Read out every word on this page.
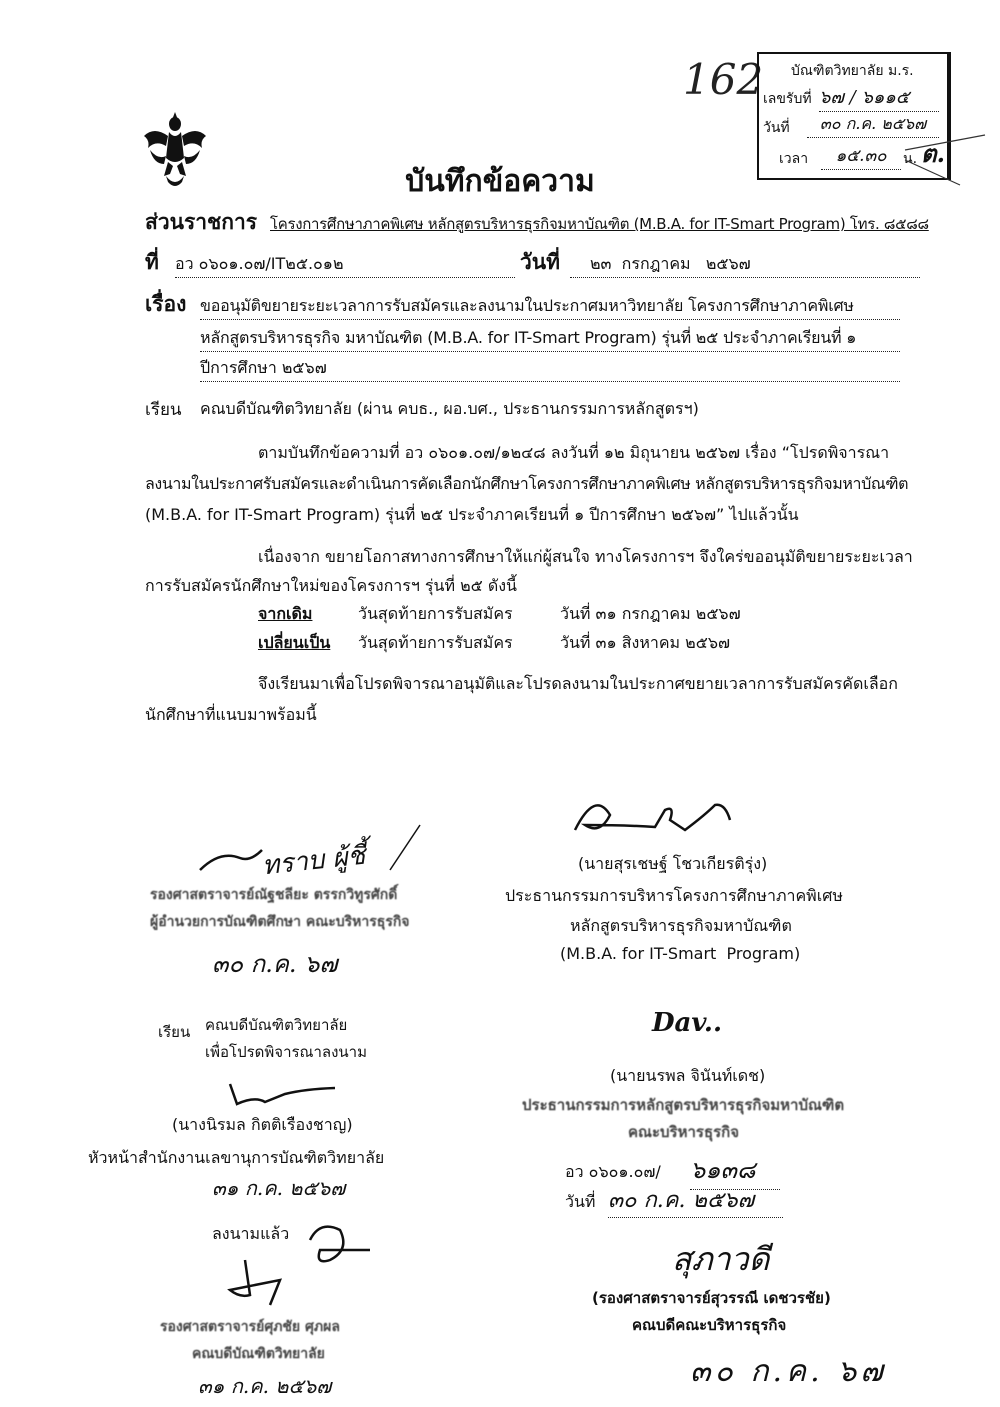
162 บัณฑิตวิทยาลัย ม.ร.
เลขรับที่ ๖๗ / ๖๑๑๕
วันที่	๓๐ ก.ค. ๒๕๖๗
เวลา	๑๕.๓๐	น. ต.
บันทึกข้อความ
ส่วนราชการ โครงการศึกษาภาคพิเศษ หลักสูตรบริหารธุรกิจมหาบัณฑิต (M.B.A. for IT-Smart Program) โทร. ๘๕๘๘
ที่ อว ๐๖๐๑.๐๗/IT๒๕.๐๑๒	วันที่	๒๓  กรกฎาคม   ๒๕๖๗
เรื่อง ขออนุมัติขยายระยะเวลาการรับสมัครและลงนามในประกาศมหาวิทยาลัย โครงการศึกษาภาคพิเศษ
หลักสูตรบริหารธุรกิจ มหาบัณฑิต (M.B.A. for IT-Smart Program) รุ่นที่ ๒๕ ประจำภาคเรียนที่ ๑
ปีการศึกษา ๒๕๖๗
เรียน คณบดีบัณฑิตวิทยาลัย (ผ่าน คบธ., ผอ.บศ., ประธานกรรมการหลักสูตรฯ)
ตามบันทึกข้อความที่ อว ๐๖๐๑.๐๗/๑๒๔๘ ลงวันที่ ๑๒ มิถุนายน ๒๕๖๗ เรื่อง “โปรดพิจารณา
ลงนามในประกาศรับสมัครและดำเนินการคัดเลือกนักศึกษาโครงการศึกษาภาคพิเศษ หลักสูตรบริหารธุรกิจมหาบัณฑิต
(M.B.A. for IT-Smart Program) รุ่นที่ ๒๕ ประจำภาคเรียนที่ ๑ ปีการศึกษา ๒๕๖๗” ไปแล้วนั้น
เนื่องจาก ขยายโอกาสทางการศึกษาให้แก่ผู้สนใจ ทางโครงการฯ จึงใคร่ขออนุมัติขยายระยะเวลา
การรับสมัครนักศึกษาใหม่ของโครงการฯ รุ่นที่ ๒๕ ดังนี้
จากเดิม	วันสุดท้ายการรับสมัคร	วันที่ ๓๑ กรกฎาคม ๒๕๖๗
เปลี่ยนเป็น วันสุดท้ายการรับสมัคร	วันที่ ๓๑ สิงหาคม ๒๕๖๗
จึงเรียนมาเพื่อโปรดพิจารณาอนุมัติและโปรดลงนามในประกาศขยายเวลาการรับสมัครคัดเลือก
นักศึกษาที่แนบมาพร้อมนี้
(นายสุรเชษฐ์ โชวเกียรติรุ่ง)
ประธานกรรมการบริหารโครงการศึกษาภาคพิเศษ
หลักสูตรบริหารธุรกิจมหาบัณฑิต
(M.B.A. for IT-Smart  Program)
ทราบ ผู้ชี้
รองศาสตราจารย์ณัฐชลียะ ตรรกวิทูรศักดิ์
ผู้อำนวยการบัณฑิตศึกษา คณะบริหารธุรกิจ
๓๐ ก.ค. ๖๗
Dav..
(นายนรพล จินันท์เดช)
ประธานกรรมการหลักสูตรบริหารธุรกิจมหาบัณฑิต
คณะบริหารธุรกิจ
อว ๐๖๐๑.๐๗/ ๖๑๓๘
วันที่ ๓๐ ก.ค. ๒๕๖๗
เรียน คณบดีบัณฑิตวิทยาลัย
เพื่อโปรดพิจารณาลงนาม
(นางนิรมล กิตติเรืองชาญ)
หัวหน้าสำนักงานเลขานุการบัณฑิตวิทยาลัย
๓๑ ก.ค. ๒๕๖๗
ลงนามแล้ว
รองศาสตราจารย์ศุภชัย ศุภผล
คณบดีบัณฑิตวิทยาลัย
๓๑ ก.ค. ๒๕๖๗
สุภาวดี
(รองศาสตราจารย์สุวรรณี เดชวรชัย)
คณบดีคณะบริหารธุรกิจ
๓๐ ก.ค. ๖๗
